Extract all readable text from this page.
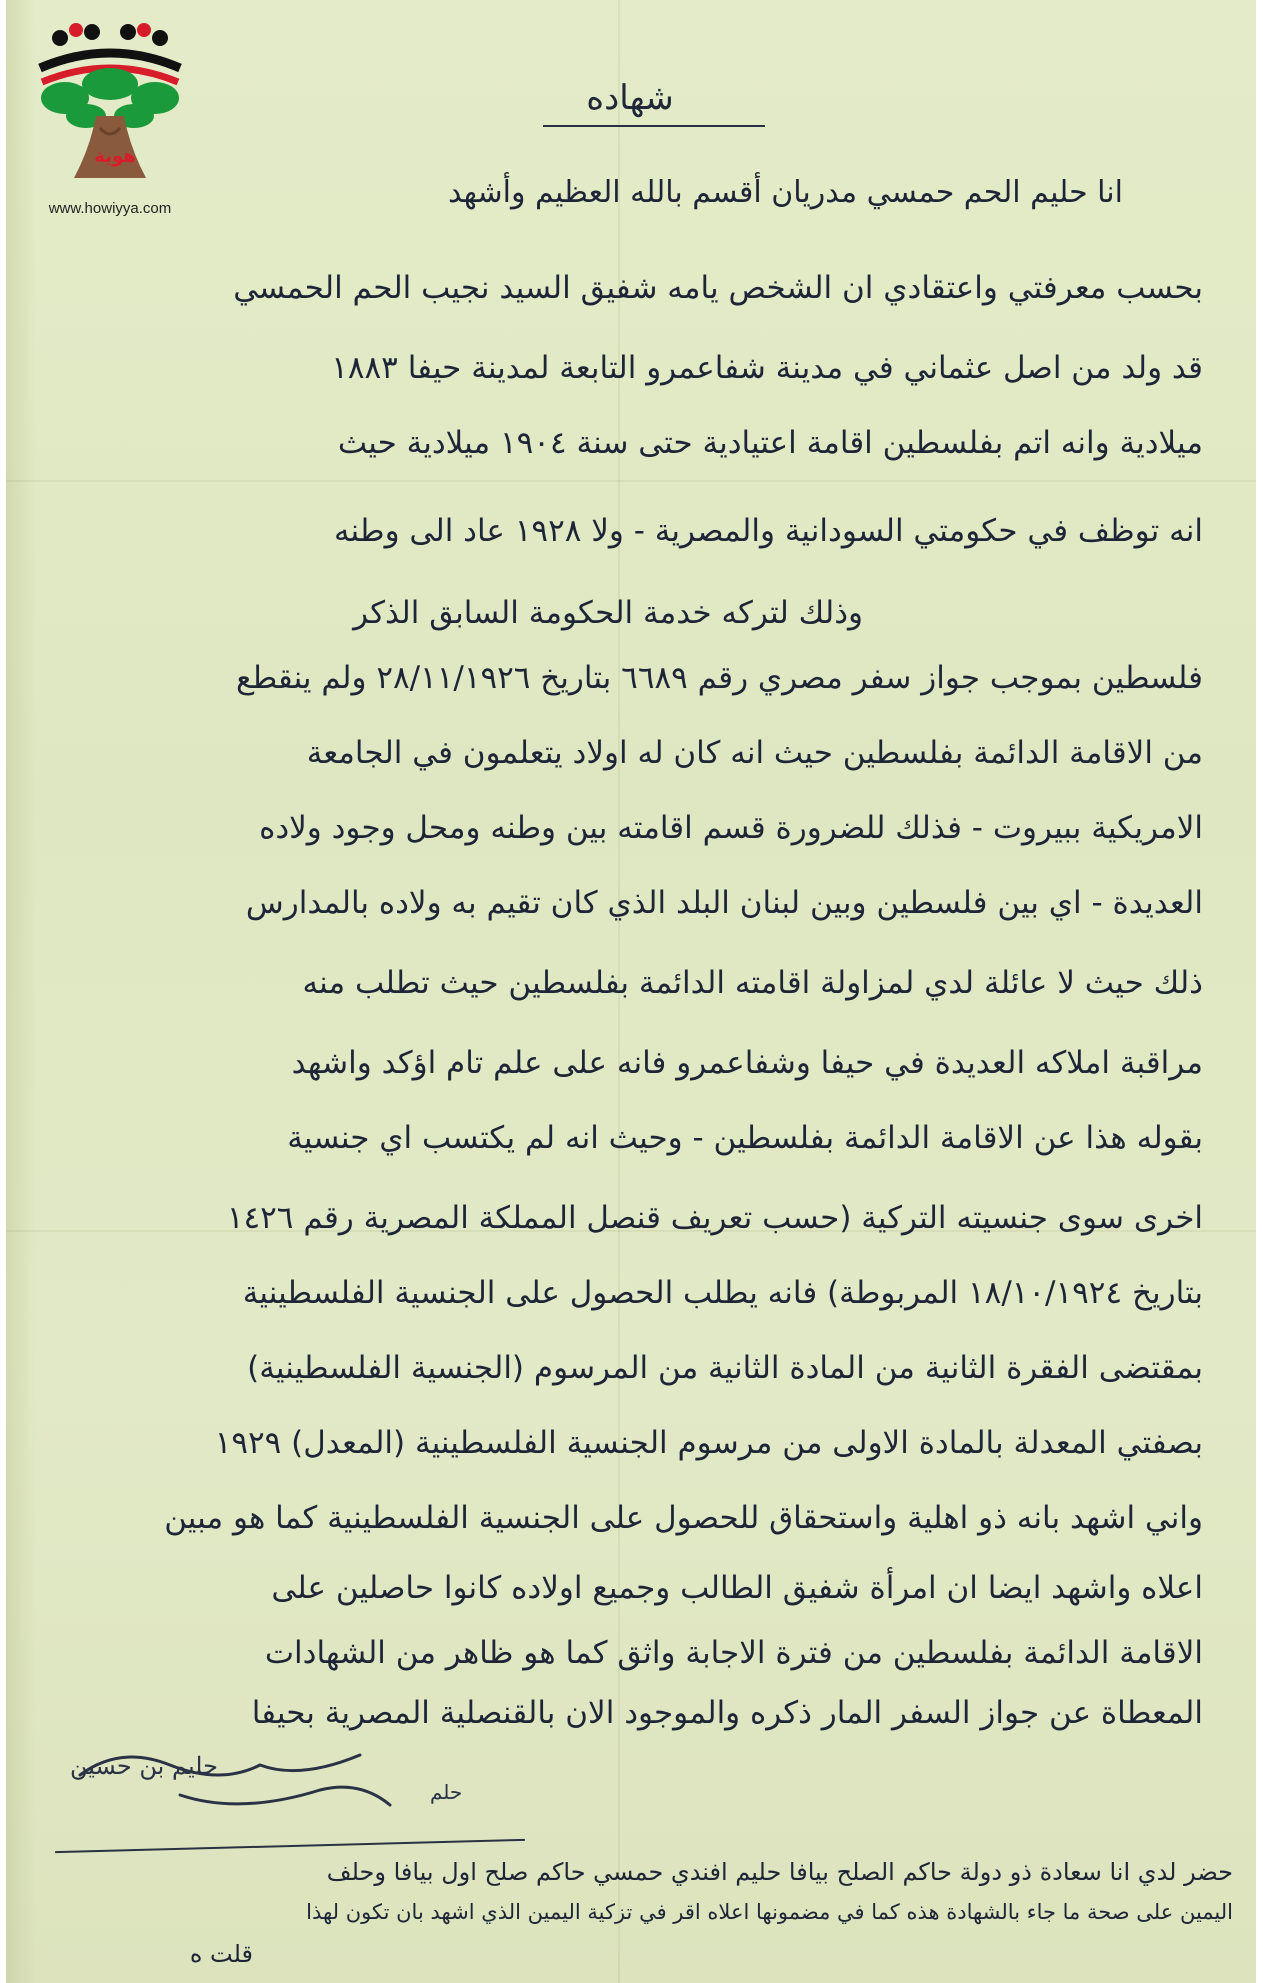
هوية
www.howiyya.com
شهاده
انا حليم الحم حمسي مدريان أقسم بالله العظيم وأشهد
بحسب معرفتي واعتقادي ان الشخص يامه شفيق السيد نجيب الحم الحمسي
قد ولد من اصل عثماني في مدينة شفاعمرو التابعة لمدينة حيفا ١٨٨٣
ميلادية وانه اتم بفلسطين اقامة اعتيادية حتى سنة ١٩٠٤ ميلادية حيث
انه توظف في حكومتي السودانية والمصرية - ولا ١٩٢٨ عاد الى وطنه
وذلك لتركه خدمة الحكومة السابق الذكر
فلسطين بموجب جواز سفر مصري رقم ٦٦٨٩ بتاريخ ٢٨/١١/١٩٢٦ ولم ينقطع
من الاقامة الدائمة بفلسطين حيث انه كان له اولاد يتعلمون في الجامعة
الامريكية ببيروت - فذلك للضرورة قسم اقامته بين وطنه ومحل وجود ولاده
العديدة - اي بين فلسطين وبين لبنان البلد الذي كان تقيم به ولاده بالمدارس
ذلك حيث لا عائلة لدي لمزاولة اقامته الدائمة بفلسطين حيث تطلب منه
مراقبة املاكه العديدة في حيفا وشفاعمرو فانه على علم تام اؤكد واشهد
بقوله هذا عن الاقامة الدائمة بفلسطين - وحيث انه لم يكتسب اي جنسية
اخرى سوى جنسيته التركية (حسب تعريف قنصل المملكة المصرية رقم ١٤٢٦
بتاريخ ١٨/١٠/١٩٢٤ المربوطة) فانه يطلب الحصول على الجنسية الفلسطينية
بمقتضى الفقرة الثانية من المادة الثانية من المرسوم (الجنسية الفلسطينية)
بصفتي المعدلة بالمادة الاولى من مرسوم الجنسية الفلسطينية (المعدل) ١٩٢٩
واني اشهد بانه ذو اهلية واستحقاق للحصول على الجنسية الفلسطينية كما هو مبين
اعلاه واشهد ايضا ان امرأة شفيق الطالب وجميع اولاده كانوا حاصلين على
الاقامة الدائمة بفلسطين من فترة الاجابة واثق كما هو ظاهر من الشهادات
المعطاة عن جواز السفر المار ذكره والموجود الان بالقنصلية المصرية بحيفا
حليم بن حسين
حلم
حضر لدي انا سعادة ذو دولة حاكم الصلح بيافا حليم افندي حمسي حاكم صلح اول بيافا وحلف
اليمين على صحة ما جاء بالشهادة هذه كما في مضمونها اعلاه اقر في تزكية اليمين الذي اشهد بان تكون لهذا
قلت ه
